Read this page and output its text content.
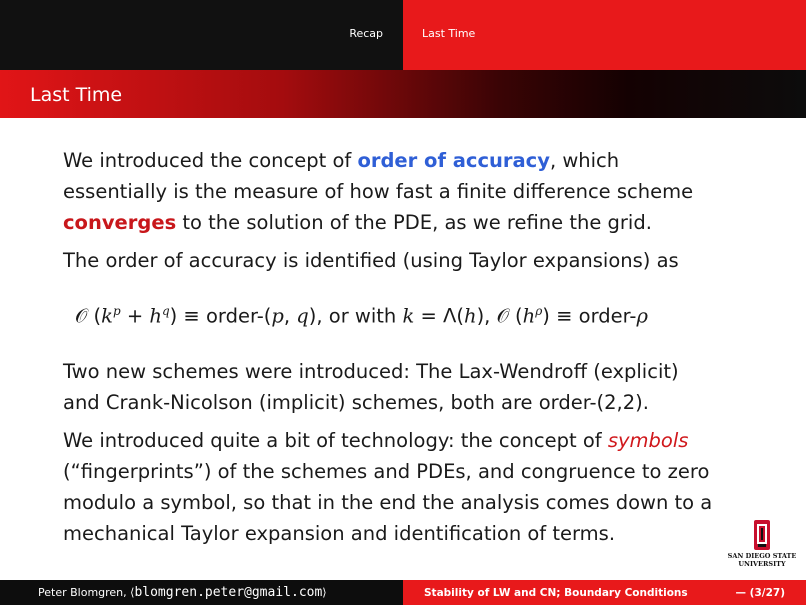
Recap	Last Time
Last Time

We introduced the concept of order of accuracy, which
essentially is the measure of how fast a finite difference scheme
converges to the solution of the PDE, as we refine the grid.

The order of accuracy is identified (using Taylor expansions) as

𝒪 $(k^p + h^q)$ ≡ order-(p, q), or with k = Λ(h), 𝒪 $(h^\rho)$ ≡ order-ρ

Two new schemes were introduced: The Lax-Wendroff (explicit)
and Crank-Nicolson (implicit) schemes, both are order-(2,2).

We introduced quite a bit of technology: the concept of symbols
(“fingerprints”) of the schemes and PDEs, and congruence to zero
modulo a symbol, so that in the end the analysis comes down to a
mechanical Taylor expansion and identification of terms.

SAN DIEGO STATE
UNIVERSITY
Peter Blomgren, ⟨blomgren.peter@gmail.com⟩	Stability of LW and CN; Boundary Conditions	— (3/27)
